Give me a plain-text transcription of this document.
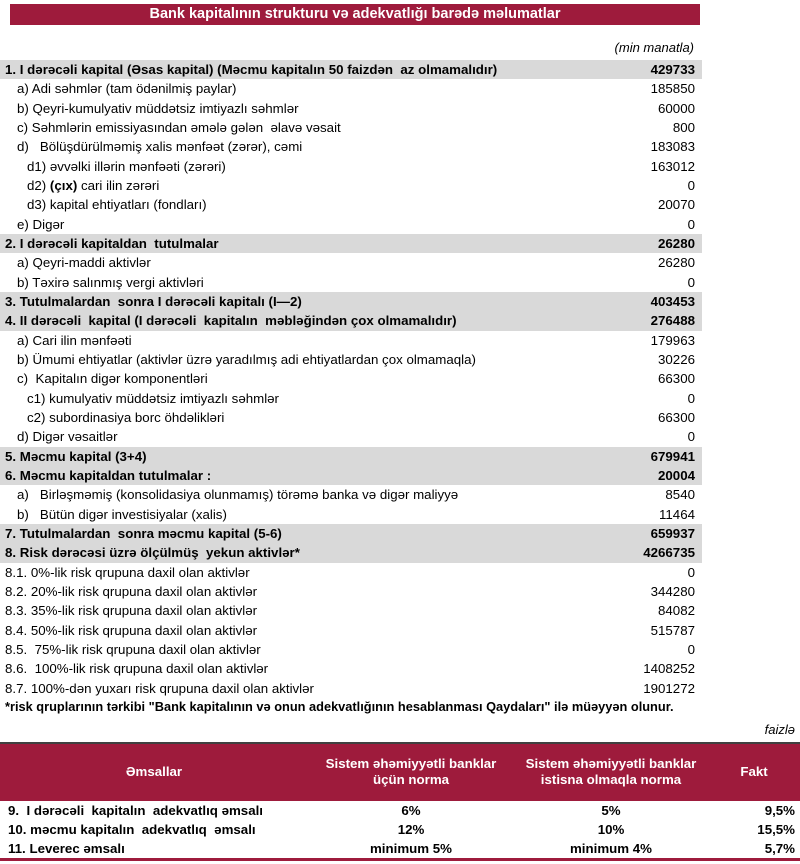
Bank kapitalının strukturu və adekvatlığı barədə məlumatlar
(min manatla)
1. I dərəcəli kapital (Əsas kapital) (Məcmu kapitalın 50 faizdən  az olmamalıdır)	429733
a) Adi səhmlər (tam ödənilmiş paylar)	185850
b) Qeyri-kumulyativ müddətsiz imtiyazlı səhmlər	60000
c) Səhmlərin emissiyasından əmələ gələn  əlavə vəsait	800
d)   Bölüşdürülməmiş xalis mənfəət (zərər), cəmi	183083
d1) əvvəlki illərin mənfəəti (zərəri)	163012
d2) (çıx) cari ilin zərəri	0
d3) kapital ehtiyatları (fondları)	20070
e) Digər	0
2. I dərəcəli kapitaldan  tutulmalar	26280
a) Qeyri-maddi aktivlər	26280
b) Təxirə salınmış vergi aktivləri	0
3. Tutulmalardan  sonra I dərəcəli kapitalı (I—2)	403453
4. II dərəcəli  kapital (I dərəcəli  kapitalın  məbləğindən çox olmamalıdır)	276488
a) Cari ilin mənfəəti	179963
b) Ümumi ehtiyatlar (aktivlər üzrə yaradılmış adi ehtiyatlardan çox olmamaqla)	30226
c)  Kapitalın digər komponentləri	66300
c1) kumulyativ müddətsiz imtiyazlı səhmlər	0
c2) subordinasiya borc öhdəlikləri	66300
d) Digər vəsaitlər	0
5. Məcmu kapital (3+4)	679941
6. Məcmu kapitaldan tutulmalar :	20004
a)   Birləşməmiş (konsolidasiya olunmamış) törəmə banka və digər maliyyə	8540
b)   Bütün digər investisiyalar (xalis)	11464
7. Tutulmalardan  sonra məcmu kapital (5-6)	659937
8. Risk dərəcəsi üzrə ölçülmüş  yekun aktivlər*	4266735
8.1. 0%-lik risk qrupuna daxil olan aktivlər	0
8.2. 20%-lik risk qrupuna daxil olan aktivlər	344280
8.3. 35%-lik risk qrupuna daxil olan aktivlər	84082
8.4. 50%-lik risk qrupuna daxil olan aktivlər	515787
8.5.  75%-lik risk qrupuna daxil olan aktivlər	0
8.6.  100%-lik risk qrupuna daxil olan aktivlər	1408252
8.7. 100%-dən yuxarı risk qrupuna daxil olan aktivlər	1901272
*risk qruplarının tərkibi "Bank kapitalının və onun adekvatlığının hesablanması Qaydaları" ilə müəyyən olunur.
faizlə
Əmsallar
Sistem əhəmiyyətli banklar üçün norma
Sistem əhəmiyyətli banklar istisna olmaqla norma
Fakt
9.  I dərəcəli  kapitalın  adekvatlıq əmsalı	6%	5%	9,5%
10. məcmu kapitalın  adekvatlıq  əmsalı	12%	10%	15,5%
11. Leverec əmsalı	minimum 5%	minimum 4%	5,7%
